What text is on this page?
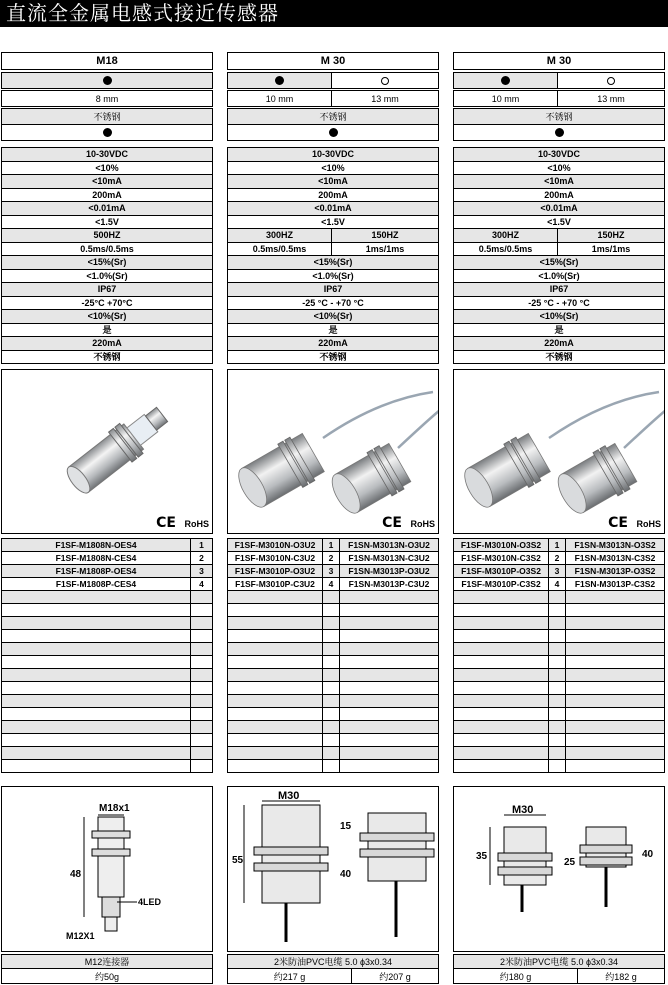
直流全金属电感式接近传感器
M18
8 mm
不锈钢
10-30VDC
<10%
<10mA
200mA
<0.01mA
<1.5V
500HZ
0.5ms/0.5ms
<15%(Sr)
<1.0%(Sr)
IP67
-25°C +70°C
<10%(Sr)
是
220mA
不锈钢
CE RoHS
F1SF-M1808N-OES4	1
F1SF-M1808N-CES4	2
F1SF-M1808P-OES4	3
F1SF-M1808P-CES4	4
M18x1
48
4LED
M12X1
M12连接器
约50g
M 30
10 mm	13 mm
不锈钢
10-30VDC
<10%
<10mA
200mA
<0.01mA
<1.5V
300HZ	150HZ
0.5ms/0.5ms	1ms/1ms
<15%(Sr)
<1.0%(Sr)
IP67
-25 °C - +70 °C
<10%(Sr)
是
220mA
不锈钢
CE RoHS
F1SF-M3010N-O3U2	1	F1SN-M3013N-O3U2
F1SF-M3010N-C3U2	2	F1SN-M3013N-C3U2
F1SF-M3010P-O3U2	3	F1SN-M3013P-O3U2
F1SF-M3010P-C3U2	4	F1SN-M3013P-C3U2
M30
55
15
40
2米防油PVC电缆 5.0 ɸ3x0.34
约217 g	约207 g
M 30
10 mm	13 mm
不锈钢
10-30VDC
<10%
<10mA
200mA
<0.01mA
<1.5V
300HZ	150HZ
0.5ms/0.5ms	1ms/1ms
<15%(Sr)
<1.0%(Sr)
IP67
-25 °C - +70 °C
<10%(Sr)
是
220mA
不锈钢
CE RoHS
F1SF-M3010N-O3S2	1	F1SN-M3013N-O3S2
F1SF-M3010N-C3S2	2	F1SN-M3013N-C3S2
F1SF-M3010P-O3S2	3	F1SN-M3013P-O3S2
F1SF-M3010P-C3S2	4	F1SN-M3013P-C3S2
M30
35
25
40
2米防油PVC电缆 5.0 ɸ3x0.34
约180 g	约182 g
